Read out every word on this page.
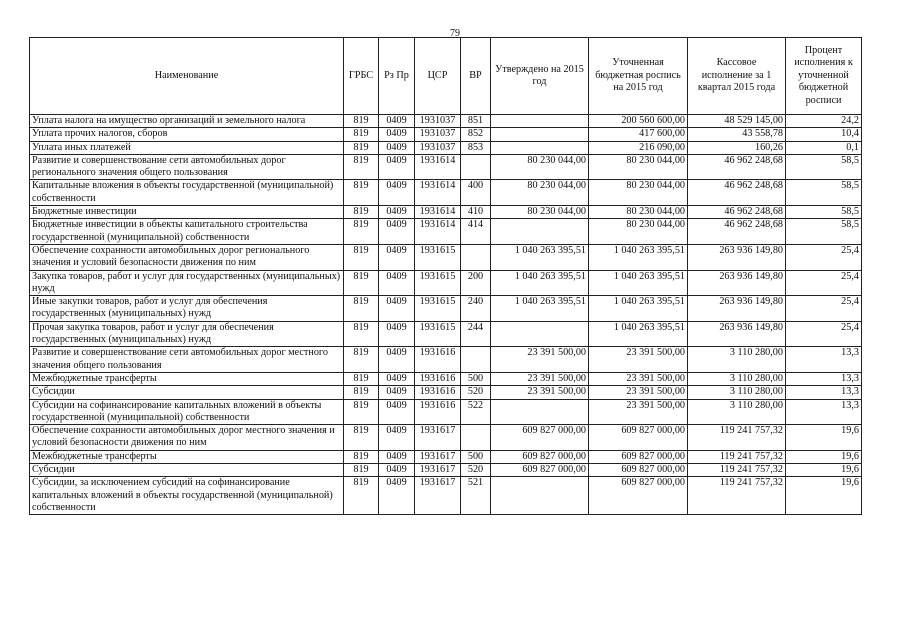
79
Наименование	ГРБС	Рз Пр	ЦСР	ВР	Утверждено на 2015 год	Уточненная бюджетная роспись на 2015 год	Кассовое исполнение за 1 квартал 2015 года	Процент исполнения к уточненной бюджетной росписи
Уплата налога на имущество организаций и земельного налога	819	0409	1931037	851		200 560 600,00	48 529 145,00	24,2
Уплата прочих налогов, сборов	819	0409	1931037	852		417 600,00	43 558,78	10,4
Уплата иных платежей	819	0409	1931037	853		216 090,00	160,26	0,1
Развитие и совершенствование сети автомобильных дорог регионального значения общего пользования	819	0409	1931614		80 230 044,00	80 230 044,00	46 962 248,68	58,5
Капитальные вложения в объекты государственной (муниципальной) собственности	819	0409	1931614	400	80 230 044,00	80 230 044,00	46 962 248,68	58,5
Бюджетные инвестиции	819	0409	1931614	410	80 230 044,00	80 230 044,00	46 962 248,68	58,5
Бюджетные инвестиции в объекты капитального строительства государственной (муниципальной) собственности	819	0409	1931614	414		80 230 044,00	46 962 248,68	58,5
Обеспечение сохранности автомобильных дорог регионального значения и условий безопасности движения по ним	819	0409	1931615		1 040 263 395,51	1 040 263 395,51	263 936 149,80	25,4
Закупка товаров, работ и услуг для государственных (муниципальных) нужд	819	0409	1931615	200	1 040 263 395,51	1 040 263 395,51	263 936 149,80	25,4
Иные закупки товаров, работ и услуг для обеспечения государственных (муниципальных) нужд	819	0409	1931615	240	1 040 263 395,51	1 040 263 395,51	263 936 149,80	25,4
Прочая закупка товаров, работ и услуг для обеспечения государственных (муниципальных) нужд	819	0409	1931615	244		1 040 263 395,51	263 936 149,80	25,4
Развитие и совершенствование сети автомобильных дорог местного значения общего пользования	819	0409	1931616		23 391 500,00	23 391 500,00	3 110 280,00	13,3
Межбюджетные трансферты	819	0409	1931616	500	23 391 500,00	23 391 500,00	3 110 280,00	13,3
Субсидии	819	0409	1931616	520	23 391 500,00	23 391 500,00	3 110 280,00	13,3
Субсидии на софинансирование капитальных вложений в объекты государственной (муниципальной) собственности	819	0409	1931616	522		23 391 500,00	3 110 280,00	13,3
Обеспечение сохранности автомобильных дорог местного значения и условий безопасности движения по ним	819	0409	1931617		609 827 000,00	609 827 000,00	119 241 757,32	19,6
Межбюджетные трансферты	819	0409	1931617	500	609 827 000,00	609 827 000,00	119 241 757,32	19,6
Субсидии	819	0409	1931617	520	609 827 000,00	609 827 000,00	119 241 757,32	19,6
Субсидии, за исключением субсидий на софинансирование капитальных вложений в объекты государственной (муниципальной) собственности	819	0409	1931617	521		609 827 000,00	119 241 757,32	19,6
